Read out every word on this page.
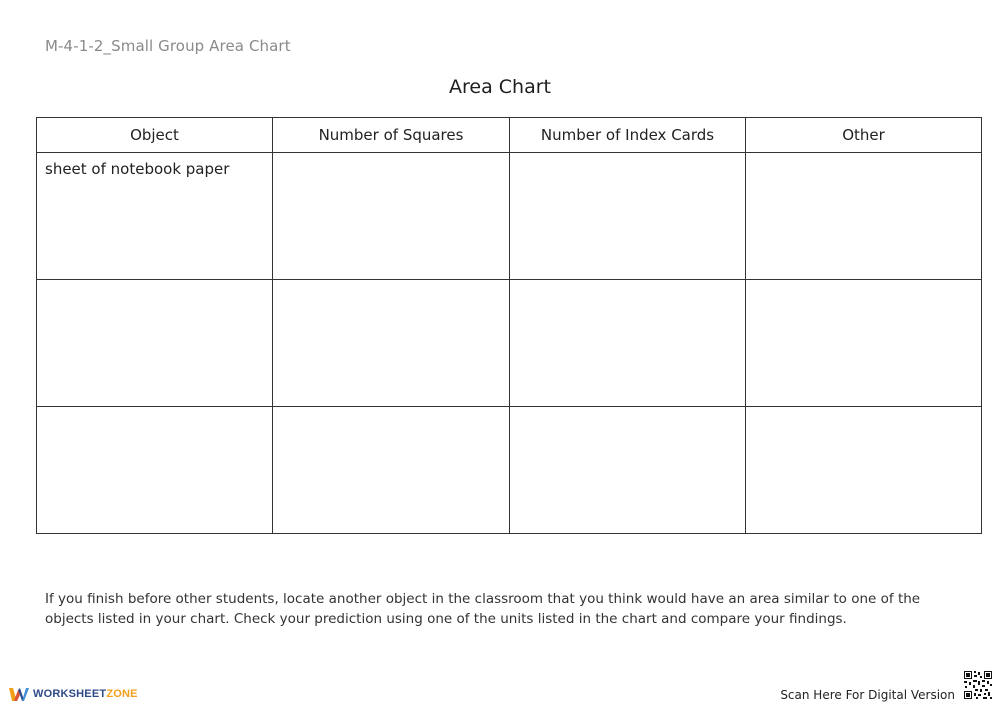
M-4-1-2_Small Group Area Chart
Area Chart
Object	Number of Squares	Number of Index Cards	Other

sheet of notebook paper			

If you finish before other students, locate another object in the classroom that you think would have an area similar to one of the objects listed in your chart. Check your prediction using one of the units listed in the chart and compare your findings.
WORKSHEETZONE	Scan Here For Digital Version
